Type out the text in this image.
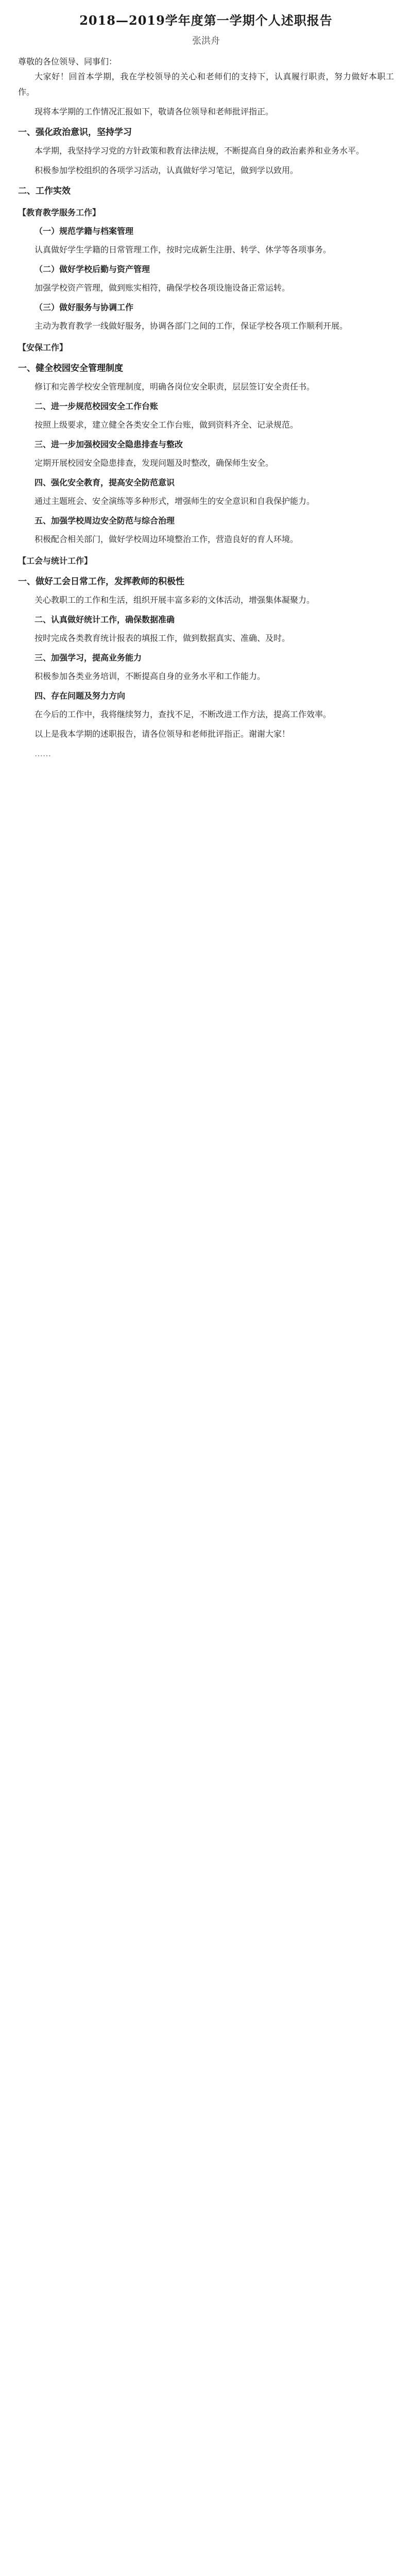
2018—2019学年度第一学期个人述职报告
张洪舟
尊敬的各位领导、同事们：

大家好！回首本学期，我在学校领导的关心和老师们的支持下，认真履行职责，努力做好本职工作。

现将本学期的工作情况汇报如下，敬请各位领导和老师批评指正。

一、强化政治意识，坚持学习

本学期，我坚持学习党的方针政策和教育法律法规，不断提高自身的政治素养和业务水平。

积极参加学校组织的各项学习活动，认真做好学习笔记，做到学以致用。

二、工作实效
【教育教学服务工作】
（一）规范学籍与档案管理

认真做好学生学籍的日常管理工作，按时完成新生注册、转学、休学等各项事务。

（二）做好学校后勤与资产管理

加强学校资产管理，做到账实相符，确保学校各项设施设备正常运转。

（三）做好服务与协调工作

主动为教育教学一线做好服务，协调各部门之间的工作，保证学校各项工作顺利开展。

【安保工作】
一、健全校园安全管理制度

修订和完善学校安全管理制度，明确各岗位安全职责，层层签订安全责任书。

二、进一步规范校园安全工作台账

按照上级要求，建立健全各类安全工作台账，做到资料齐全、记录规范。

三、进一步加强校园安全隐患排查与整改

定期开展校园安全隐患排查，发现问题及时整改，确保师生安全。

四、强化安全教育，提高安全防范意识

通过主题班会、安全演练等多种形式，增强师生的安全意识和自我保护能力。

五、加强学校周边安全防范与综合治理

积极配合相关部门，做好学校周边环境整治工作，营造良好的育人环境。

【工会与统计工作】
一、做好工会日常工作，发挥教师的积极性

关心教职工的工作和生活，组织开展丰富多彩的文体活动，增强集体凝聚力。

二、认真做好统计工作，确保数据准确

按时完成各类教育统计报表的填报工作，做到数据真实、准确、及时。

三、加强学习，提高业务能力

积极参加各类业务培训，不断提高自身的业务水平和工作能力。

四、存在问题及努力方向

在今后的工作中，我将继续努力，查找不足，不断改进工作方法，提高工作效率。

以上是我本学期的述职报告，请各位领导和老师批评指正。谢谢大家！

……
